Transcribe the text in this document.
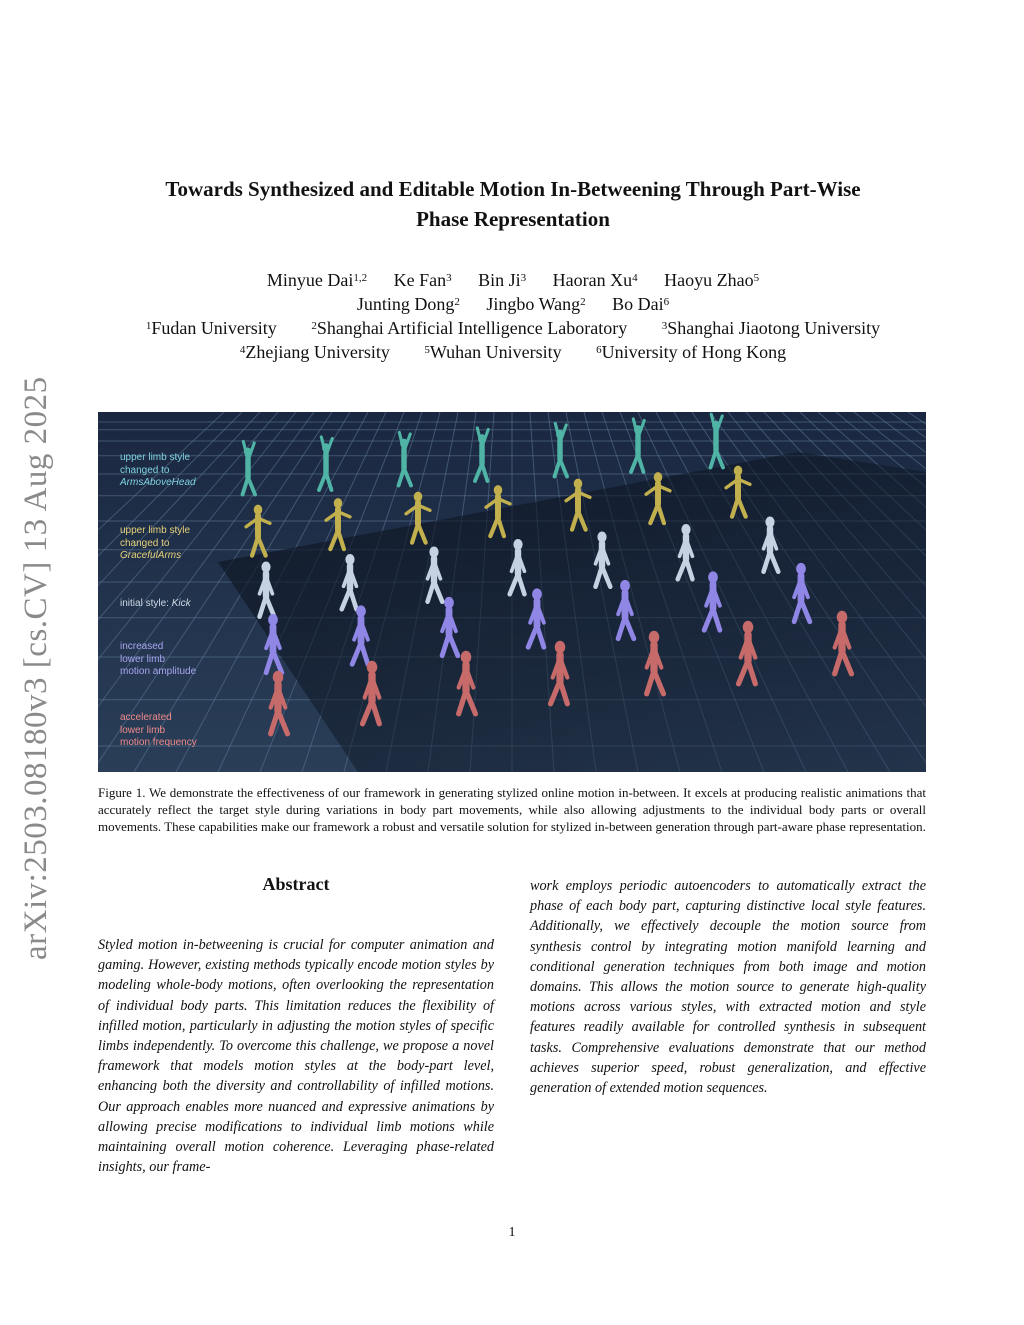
arXiv:2503.08180v3 [cs.CV] 13 Aug 2025
Towards Synthesized and Editable Motion In-Betweening Through Part-Wise
Phase Representation
Minyue Dai$^{1,2}$ Ke Fan$^3$ Bin Ji$^3$ Haoran Xu$^4$ Haoyu Zhao$^5$
Junting Dong$^2$ Jingbo Wang$^2$ Bo Dai$^6$
$^1$Fudan University	$^2$Shanghai Artificial Intelligence Laboratory	$^3$Shanghai Jiaotong University
$^4$Zhejiang University	$^5$Wuhan University	$^6$University of Hong Kong
upper limb style
changed to
ArmsAboveHead
upper limb style
changed to
GracefulArms
initial style: Kick
increased
lower limb
motion amplitude
accelerated
lower limb
motion frequency
Figure 1. We demonstrate the effectiveness of our framework in generating stylized online motion in-between. It excels at producing realistic animations that accurately reflect the target style during variations in body part movements, while also allowing adjustments to the individual body parts or overall movements. These capabilities make our framework a robust and versatile solution for stylized in-between generation through part-aware phase representation.
Abstract
Styled motion in-betweening is crucial for computer animation and gaming. However, existing methods typically encode motion styles by modeling whole-body motions, often overlooking the representation of individual body parts. This limitation reduces the flexibility of infilled motion, particularly in adjusting the motion styles of specific limbs independently. To overcome this challenge, we propose a novel framework that models motion styles at the body-part level, enhancing both the diversity and controllability of infilled motions. Our approach enables more nuanced and expressive animations by allowing precise modifications to individual limb motions while maintaining overall motion coherence. Leveraging phase-related insights, our frame-
work employs periodic autoencoders to automatically extract the phase of each body part, capturing distinctive local style features. Additionally, we effectively decouple the motion source from synthesis control by integrating motion manifold learning and conditional generation techniques from both image and motion domains. This allows the motion source to generate high-quality motions across various styles, with extracted motion and style features readily available for controlled synthesis in subsequent tasks. Comprehensive evaluations demonstrate that our method achieves superior speed, robust generalization, and effective generation of extended motion sequences.
1
